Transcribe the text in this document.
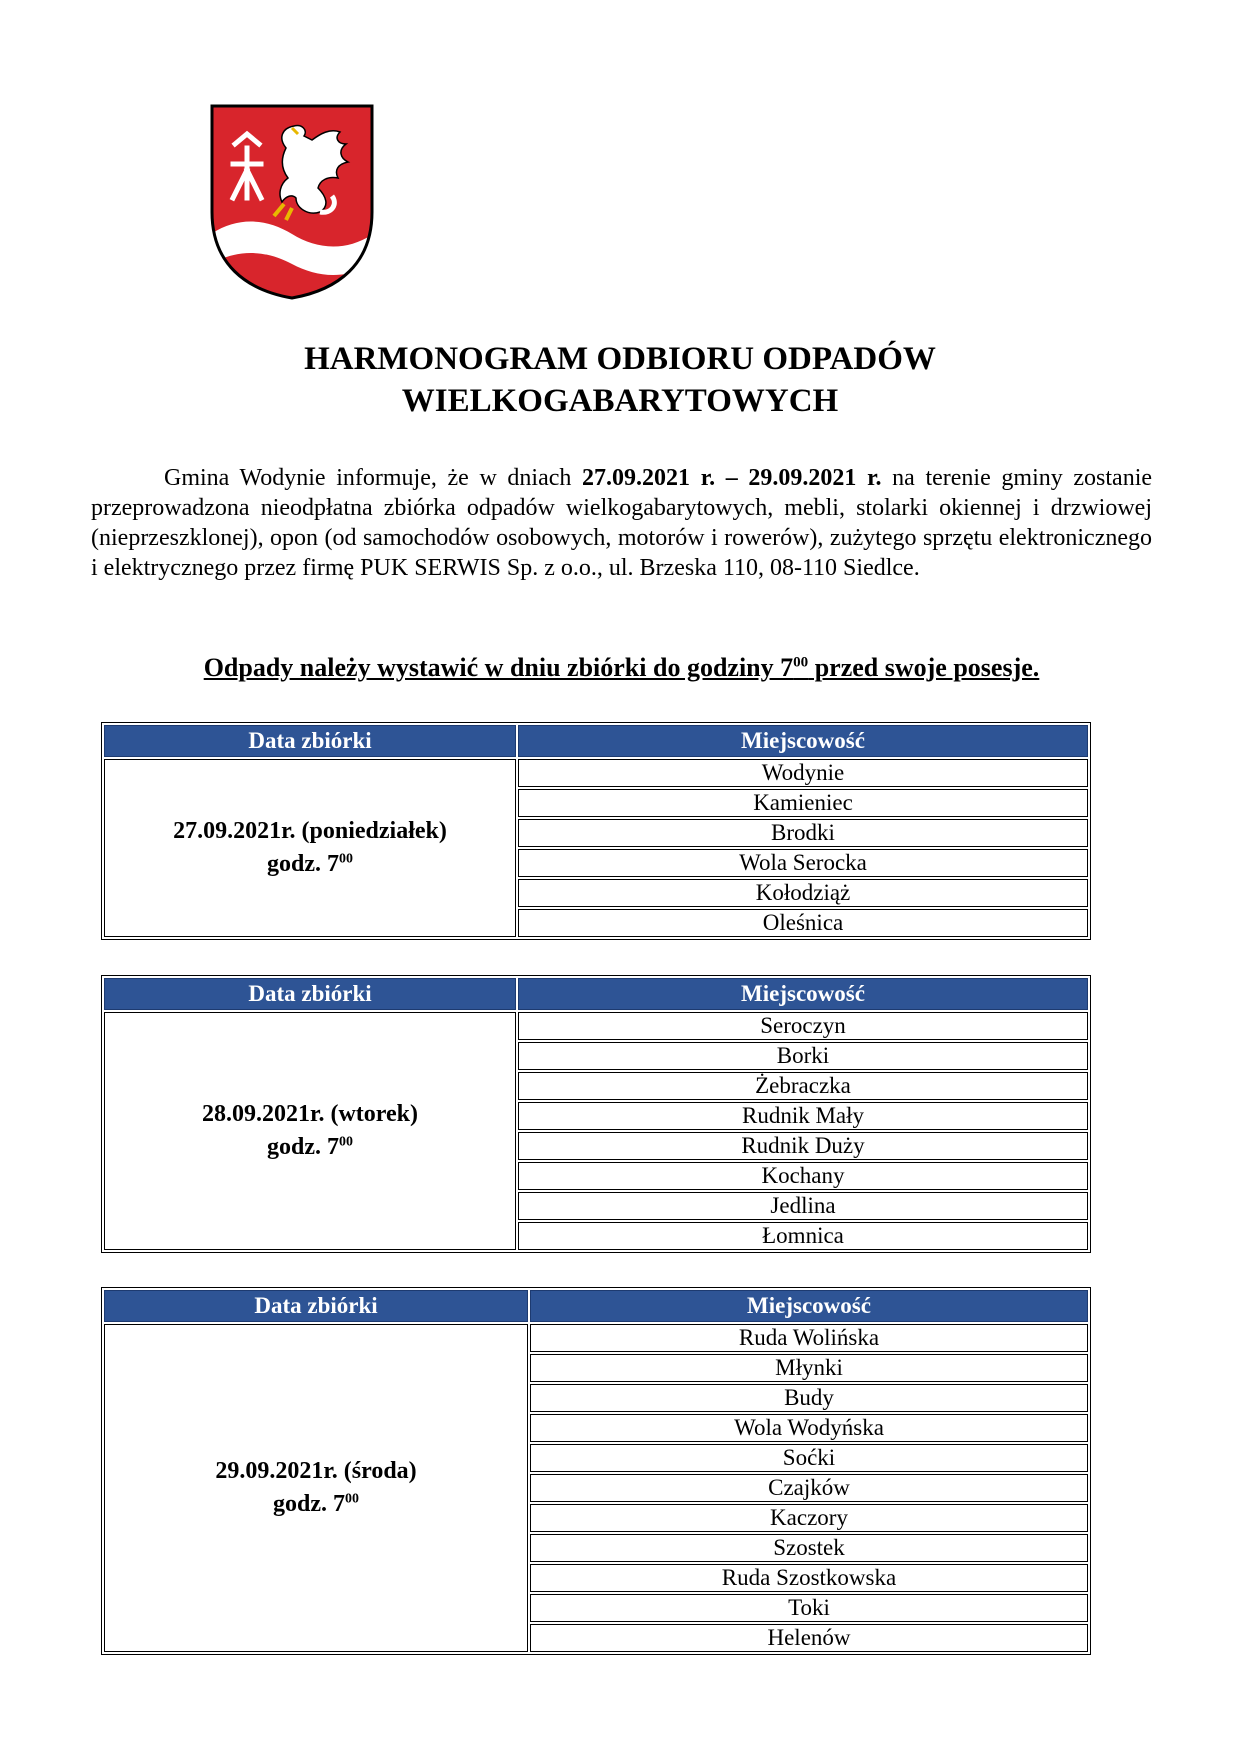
HARMONOGRAM ODBIORU ODPADÓW
WIELKOGABARYTOWYCH

Gmina Wodynie informuje, że w dniach 27.09.2021 r. – 29.09.2021 r. na terenie gminy zostanie przeprowadzona nieodpłatna zbiórka odpadów wielkogabarytowych, mebli, stolarki okiennej i drzwiowej (nieprzeszklonej), opon (od samochodów osobowych, motorów i rowerów), zużytego sprzętu elektronicznego i elektrycznego przez firmę PUK SERWIS Sp. z o.o., ul. Brzeska 110, 08-110 Siedlce.

Odpady należy wystawić w dniu zbiórki do godziny $7^{00}$ przed swoje posesje.
Data zbiórki	Miejscowość

27.09.2021r. (poniedziałek)
godz. $7^{00}$	Wodynie
	Kamieniec
	Brodki
	Wola Serocka
	Kołodziąż
	Oleśnica
Data zbiórki	Miejscowość

28.09.2021r. (wtorek)
godz. $7^{00}$	Seroczyn
	Borki
	Żebraczka
	Rudnik Mały
	Rudnik Duży
	Kochany
	Jedlina
	Łomnica
Data zbiórki	Miejscowość

29.09.2021r. (środa)
godz. $7^{00}$	Ruda Wolińska
	Młynki
	Budy
	Wola Wodyńska
	Soćki
	Czajków
	Kaczory
	Szostek
	Ruda Szostkowska
	Toki
	Helenów
